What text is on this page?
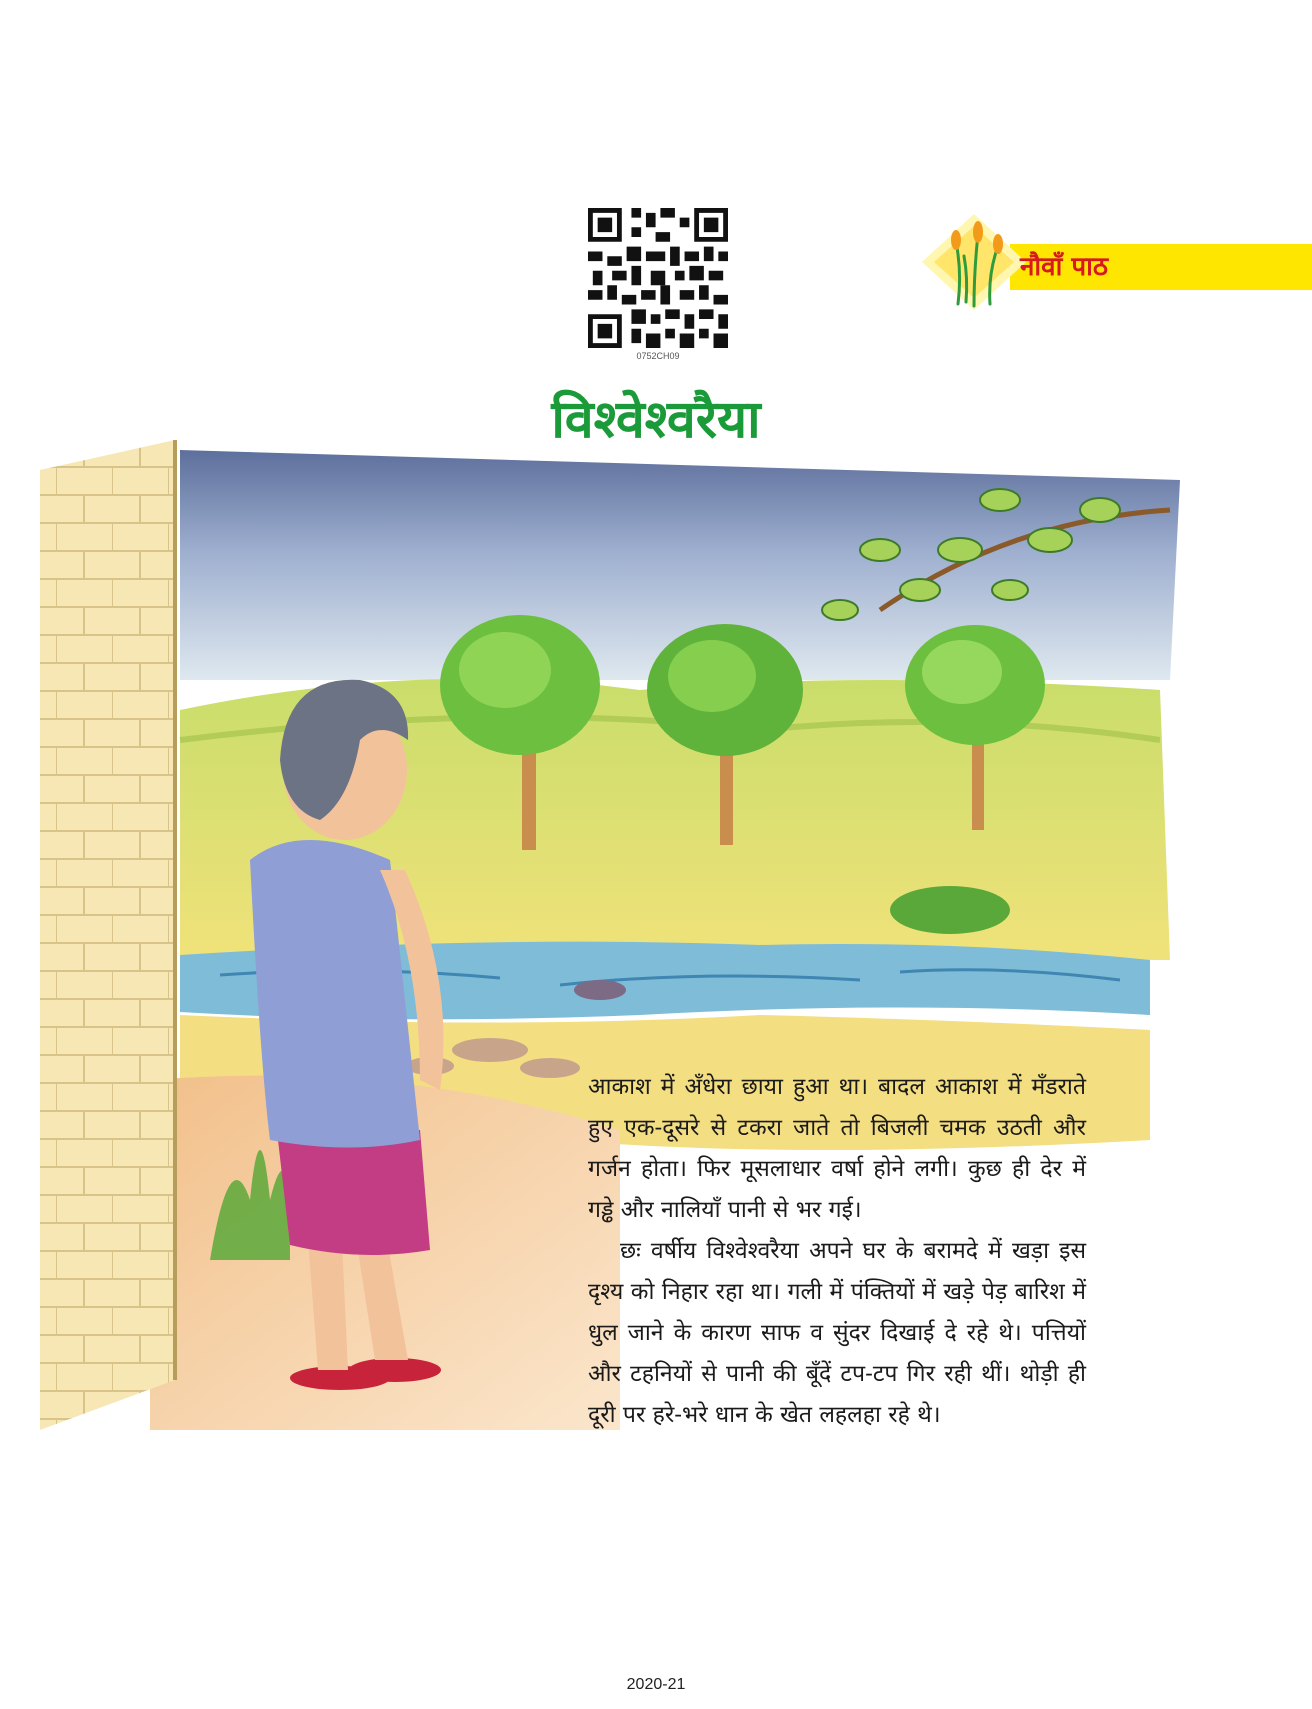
0752CH09
नौवाँ पाठ
विश्वेश्वरैया

आकाश में अँधेरा छाया हुआ था। बादल आकाश में मँडराते हुए एक-दूसरे से टकरा जाते तो बिजली चमक उठती और गर्जन होता। फिर मूसलाधार वर्षा होने लगी। कुछ ही देर में गड्ढे और नालियाँ पानी से भर गई।

छः वर्षीय विश्वेश्वरैया अपने घर के बरामदे में खड़ा इस दृश्य को निहार रहा था। गली में पंक्तियों में खड़े पेड़ बारिश में धुल जाने के कारण साफ व सुंदर दिखाई दे रहे थे। पत्तियों और टहनियों से पानी की बूँदें टप-टप गिर रही थीं। थोड़ी ही दूरी पर हरे-भरे धान के खेत लहलहा रहे थे।

2020-21
